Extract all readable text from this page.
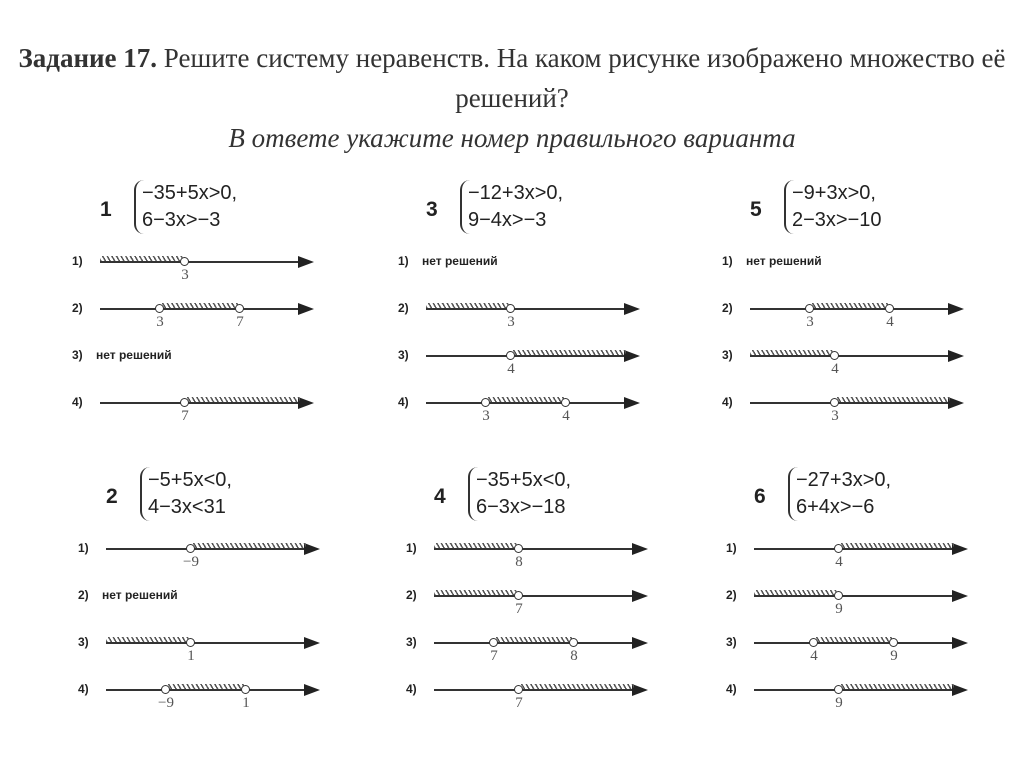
Задание 17. Решите систему неравенств. На каком рисунке изображено множество её решений?
В ответе укажите номер правильного варианта
1
−35+5x>0,
6−3x>−3
1)
3
2)
3	7
3) нет решений
4)
7
3
−12+3x>0,
9−4x>−3
1) нет решений
2)
3
3)
4
4)
3	4
5
−9+3x>0,
2−3x>−10
1) нет решений
2)
3	4
3)
4
4)
3
2
−5+5x<0,
4−3x<31
1)
−9
2) нет решений
3)
1
4)
−9	1
4
−35+5x<0,
6−3x>−18
1)
8
2)
7
3)
7	8
4)
7
6
−27+3x>0,
6+4x>−6
1)
4
2)
9
3)
4	9
4)
9
